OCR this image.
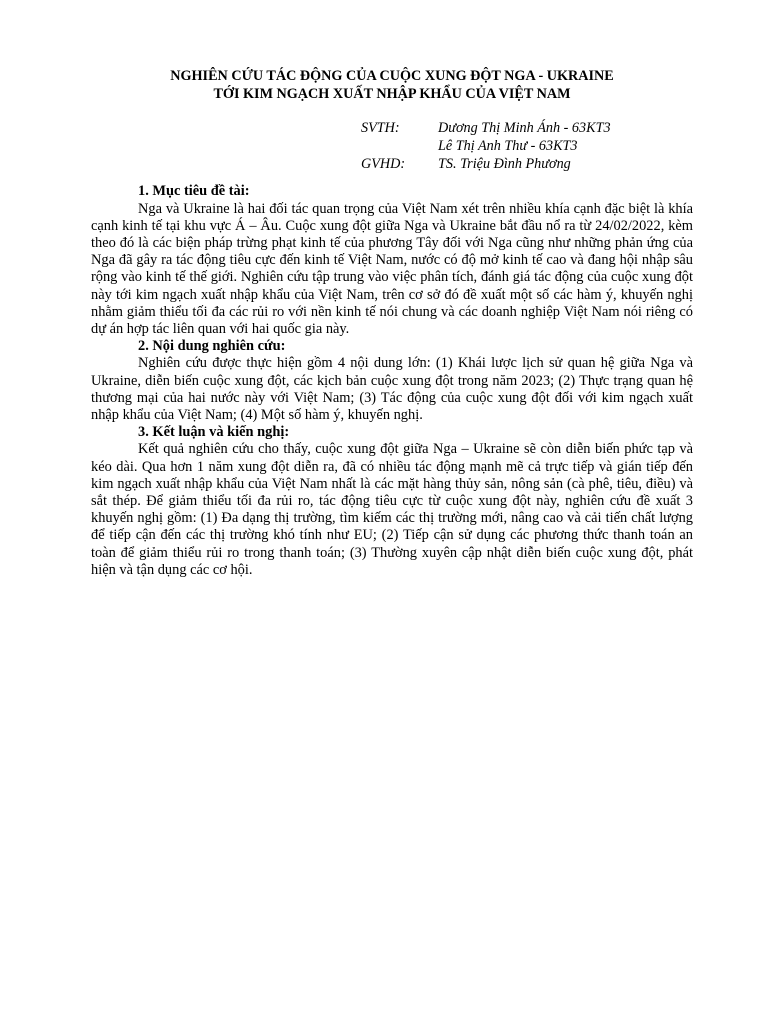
NGHIÊN CỨU TÁC ĐỘNG CỦA CUỘC XUNG ĐỘT NGA - UKRAINE
TỚI KIM NGẠCH XUẤT NHẬP KHẨU CỦA VIỆT NAM
SVTH:	Dương Thị Minh Ánh - 63KT3
Lê Thị Anh Thư - 63KT3
GVHD:	TS. Triệu Đình Phương

1. Mục tiêu đề tài:

Nga và Ukraine là hai đối tác quan trọng của Việt Nam xét trên nhiều khía cạnh đặc biệt là khía cạnh kinh tế tại khu vực Á – Âu. Cuộc xung đột giữa Nga và Ukraine bắt đầu nổ ra từ 24/02/2022, kèm theo đó là các biện pháp trừng phạt kinh tế của phương Tây đối với Nga cũng như những phản ứng của Nga đã gây ra tác động tiêu cực đến kinh tế Việt Nam, nước có độ mở kinh tế cao và đang hội nhập sâu rộng vào kinh tế thế giới. Nghiên cứu tập trung vào việc phân tích, đánh giá tác động của cuộc xung đột này tới kim ngạch xuất nhập khẩu của Việt Nam, trên cơ sở đó đề xuất một số các hàm ý, khuyến nghị nhằm giảm thiểu tối đa các rủi ro với nền kinh tế nói chung và các doanh nghiệp Việt Nam nói riêng có dự án hợp tác liên quan với hai quốc gia này.

2. Nội dung nghiên cứu:

Nghiên cứu được thực hiện gồm 4 nội dung lớn: (1) Khái lược lịch sử quan hệ giữa Nga và Ukraine, diễn biến cuộc xung đột, các kịch bản cuộc xung đột trong năm 2023; (2) Thực trạng quan hệ thương mại của hai nước này với Việt Nam; (3) Tác động của cuộc xung đột đối với kim ngạch xuất nhập khẩu của Việt Nam; (4) Một số hàm ý, khuyến nghị.

3. Kết luận và kiến nghị:

Kết quả nghiên cứu cho thấy, cuộc xung đột giữa Nga – Ukraine sẽ còn diễn biến phức tạp và kéo dài. Qua hơn 1 năm xung đột diễn ra, đã có nhiều tác động mạnh mẽ cả trực tiếp và gián tiếp đến kim ngạch xuất nhập khẩu của Việt Nam nhất là các mặt hàng thủy sản, nông sản (cà phê, tiêu, điều) và sắt thép. Để giảm thiểu tối đa rủi ro, tác động tiêu cực từ cuộc xung đột này, nghiên cứu đề xuất 3 khuyến nghị gồm: (1) Đa dạng thị trường, tìm kiếm các thị trường mới, nâng cao và cải tiến chất lượng để tiếp cận đến các thị trường khó tính như EU; (2) Tiếp cận sử dụng các phương thức thanh toán an toàn để giảm thiểu rủi ro trong thanh toán; (3) Thường xuyên cập nhật diễn biến cuộc xung đột, phát hiện và tận dụng các cơ hội.
